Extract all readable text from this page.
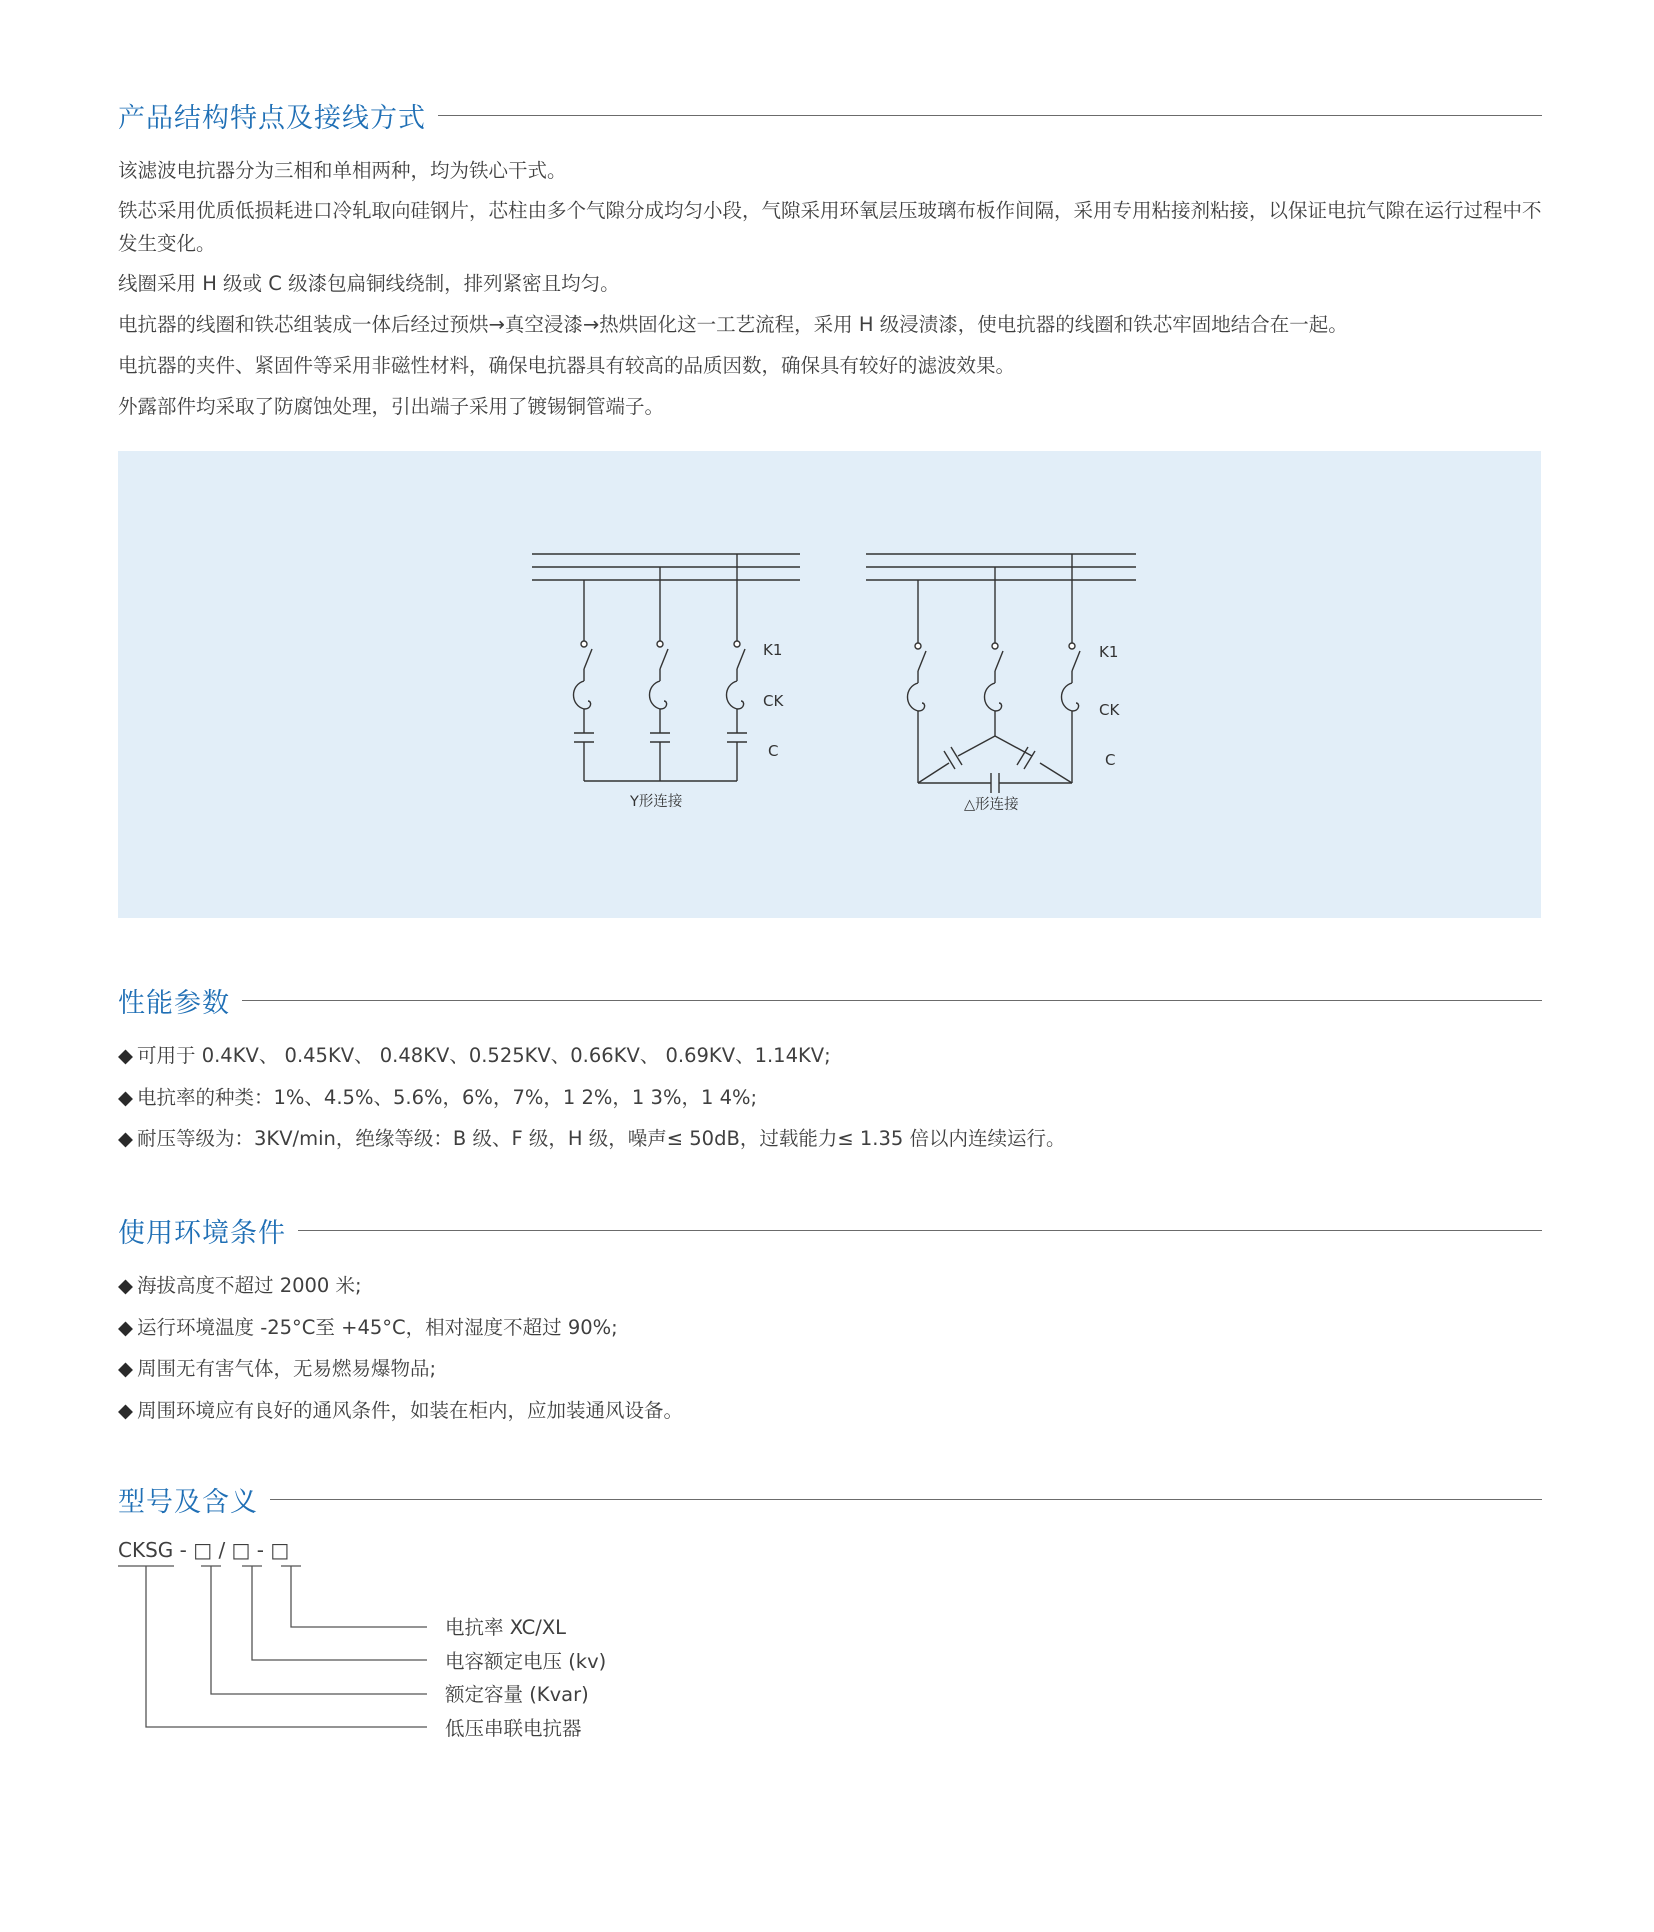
产品结构特点及接线方式
该滤波电抗器分为三相和单相两种，均为铁心干式。
铁芯采用优质低损耗进口冷轧取向硅钢片，芯柱由多个气隙分成均匀小段，气隙采用环氧层压玻璃布板作间隔，采用专用粘接剂粘接，以保证电抗气隙在运行过程中不发生变化。
线圈采用 H 级或 C 级漆包扁铜线绕制，排列紧密且均匀。
电抗器的线圈和铁芯组装成一体后经过预烘→真空浸漆→热烘固化这一工艺流程，采用 H 级浸渍漆，使电抗器的线圈和铁芯牢固地结合在一起。
电抗器的夹件、紧固件等采用非磁性材料，确保电抗器具有较高的品质因数，确保具有较好的滤波效果。
外露部件均采取了防腐蚀处理，引出端子采用了镀锡铜管端子。
K1
CK
C
Y形连接
K1
CK
C
△形连接
性能参数
◆ 可用于 0.4KV、 0.45KV、 0.48KV、0.525KV、0.66KV、 0.69KV、1.14KV;
◆ 电抗率的种类：1%、4.5%、5.6%，6%，7%，1 2%，1 3%，1 4%;
◆ 耐压等级为：3KV/min，绝缘等级：B 级、F 级，H 级，噪声≤ 50dB，过载能力≤ 1.35 倍以内连续运行。
使用环境条件
◆ 海拔高度不超过 2000 米;
◆ 运行环境温度 -25°C至 +45°C，相对湿度不超过 90%;
◆ 周围无有害气体，无易燃易爆物品;
◆ 周围环境应有良好的通风条件，如装在柜内，应加装通风设备。
型号及含义
CKSG - □ / □ - □
电抗率 XC/XL
电容额定电压 (kv)
额定容量 (Kvar)
低压串联电抗器
